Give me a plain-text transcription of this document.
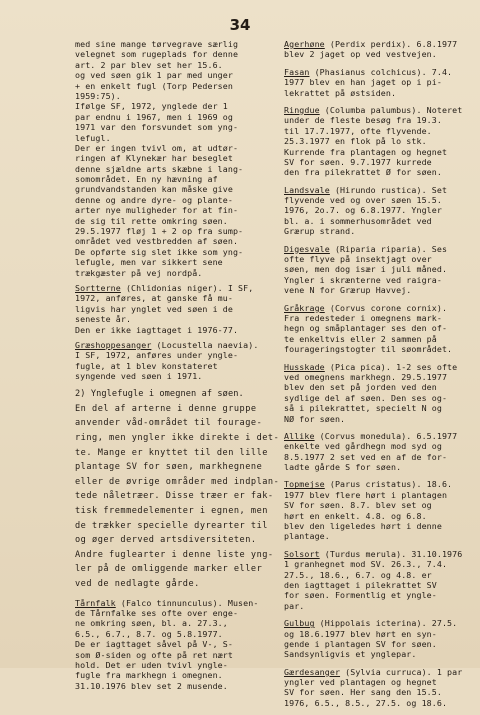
34
med sine mange tørvegrave særlig
velegnet som rugeplads for denne
art. 2 par blev set her 15.6.
og ved søen gik 1 par med unger
+ en enkelt fugl (Torp Pedersen
1959:75).
Ifølge SF, 1972, ynglede der 1
par endnu i 1967, men i 1969 og
1971 var den forsvundet som yng-
lefugl.
Der er ingen tvivl om, at udtør-
ringen af Klynekær har beseglet
denne sjældne arts skæbne i lang-
somområdet. En ny hævning af
grundvandstanden kan måske give
denne og andre dyre- og plante-
arter nye muligheder for at fin-
de sig til rette omkring søen.
29.5.1977 fløj 1 + 2 op fra sump-
området ved vestbredden af søen.
De opførte sig slet ikke som yng-
lefugle, men var sikkert sene
trækgæster på vej nordpå.
Sortterne (Chlidonias niger). I SF,
1972, anføres, at ganske få mu-
ligvis har ynglet ved søen i de
seneste år.
Den er ikke iagttaget i 1976-77.
Græshoppesanger (Locustella naevia).
I SF, 1972, anføres under yngle-
fugle, at 1 blev konstateret
syngende ved søen i 1971.
2) Ynglefugle i omegnen af søen.
En del af arterne i denne gruppe
anvender våd-området til fourage-
ring, men yngler ikke direkte i det-
te. Mange er knyttet til den lille
plantage SV for søen, markhegnene
eller de øvrige områder med indplan-
tede nåletræer. Disse træer er fak-
tisk fremmedelementer i egnen, men
de trækker specielle dyrearter til
og øger derved artsdiversiteten.
Andre fuglearter i denne liste yng-
ler på de omliggende marker eller
ved de nedlagte gårde.
Tårnfalk (Falco tinnunculus). Musen-
de Tårnfalke ses ofte over enge-
ne omkring søen, bl. a. 27.3.,
6.5., 6.7., 8.7. og 5.8.1977.
De er iagttaget såvel på V-, S-
som Ø-siden og ofte på ret nært
hold. Det er uden tvivl yngle-
fugle fra markhegn i omegnen.
31.10.1976 blev set 2 musende.
Agerhøne (Perdix perdix). 6.8.1977
blev 2 jaget op ved vestvejen.
Fasan (Phasianus colchicus). 7.4.
1977 blev en han jaget op i pi-
lekrattet på østsiden.
Ringdue (Columba palumbus). Noteret
under de fleste besøg fra 19.3.
til 17.7.1977, ofte flyvende.
25.3.1977 en flok på lo stk.
Kurrende fra plantagen og hegnet
SV for søen. 9.7.1977 kurrede
den fra pilekrattet Ø for søen.
Landsvale (Hirundo rustica). Set
flyvende ved og over søen 15.5.
1976, 2o.7. og 6.8.1977. Yngler
bl. a. i sommerhusområdet ved
Grærup strand.
Digesvale (Riparia riparia). Ses
ofte flyve på insektjagt over
søen, men dog især i juli måned.
Yngler i skrænterne ved raigra-
vene N for Grærup Havvej.
Gråkrage (Corvus corone cornix).
Fra redesteder i omegnens mark-
hegn og småplantager ses den of-
te enkeltvis eller 2 sammen på
fourageringstogter til søområdet.
Husskade (Pica pica). 1-2 ses ofte
ved omegnens markhegn. 29.5.1977
blev den set på jorden ved den
sydlige del af søen. Den ses og-
så i pilekrattet, specielt N og
NØ for søen.
Allike (Corvus monedula). 6.5.1977
enkelte ved gårdhegn mod syd og
8.5.1977 2 set ved en af de for-
ladte gårde S for søen.
Topmejse (Parus cristatus). 18.6.
1977 blev flere hørt i plantagen
SV for søen. 8.7. blev set og
hørt en enkelt. 4.8. og 6.8.
blev den ligeledes hørt i denne
plantage.
Solsort (Turdus merula). 31.10.1976
1 granhegnet mod SV. 26.3., 7.4.
27.5., 18.6., 6.7. og 4.8. er
den iagttaget i pilekrattet SV
for søen. Formentlig et yngle-
par.
Gulbug (Hippolais icterina). 27.5.
og 18.6.1977 blev hørt en syn-
gende i plantagen SV for søen.
Sandsynligvis et ynglepar.
Gærdesanger (Sylvia curruca). 1 par
yngler ved plantagen og hegnet
SV for søen. Her sang den 15.5.
1976, 6.5., 8.5., 27.5. og 18.6.
